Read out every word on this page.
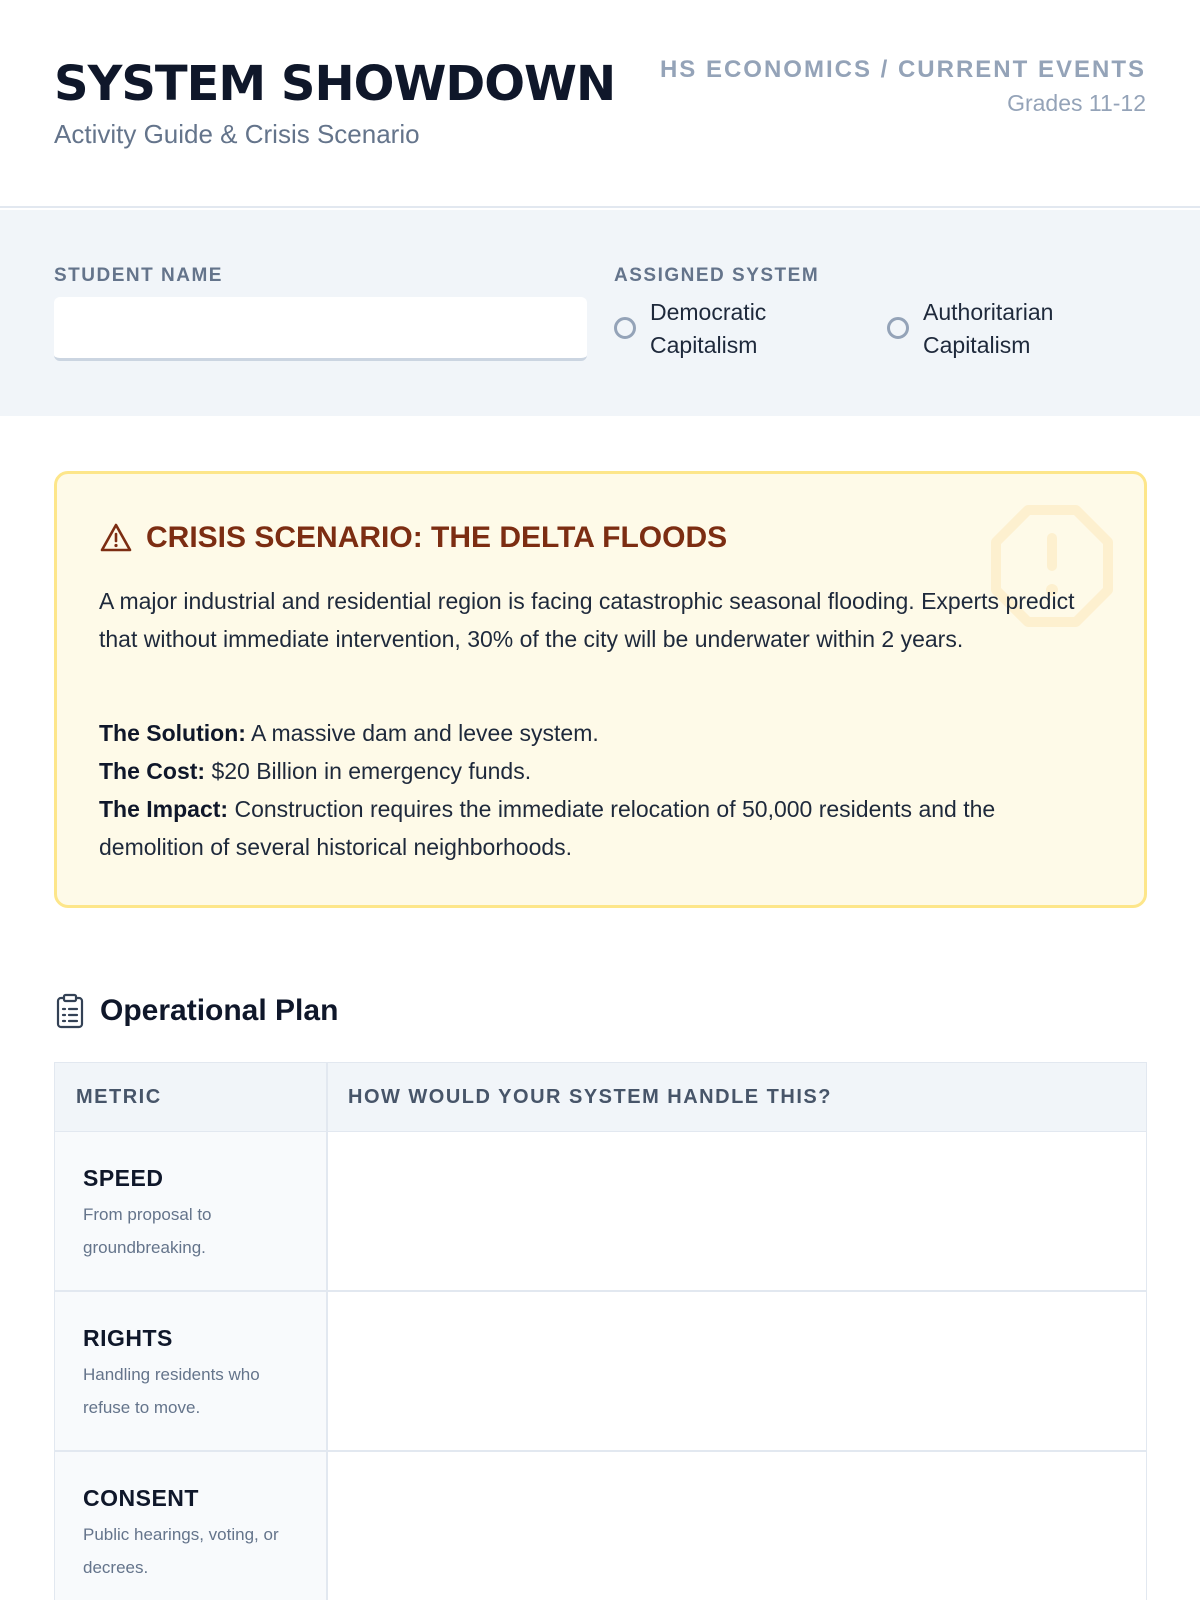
SYSTEM SHOWDOWN
Activity Guide & Crisis Scenario
HS ECONOMICS / CURRENT EVENTS
Grades 11-12
STUDENT NAME	ASSIGNED SYSTEM
Democratic
Capitalism
Authoritarian
Capitalism
CRISIS SCENARIO: THE DELTA FLOODS

A major industrial and residential region is facing catastrophic seasonal flooding. Experts predict that without immediate intervention, 30% of the city will be underwater within 2 years.

The Solution: A massive dam and levee system.
The Cost: $20 Billion in emergency funds.
The Impact: Construction requires the immediate relocation of 50,000 residents and the demolition of several historical neighborhoods.
Operational Plan
METRIC	HOW WOULD YOUR SYSTEM HANDLE THIS?
SPEED
From proposal to groundbreaking.
RIGHTS
Handling residents who refuse to move.
CONSENT
Public hearings, voting, or decrees.
